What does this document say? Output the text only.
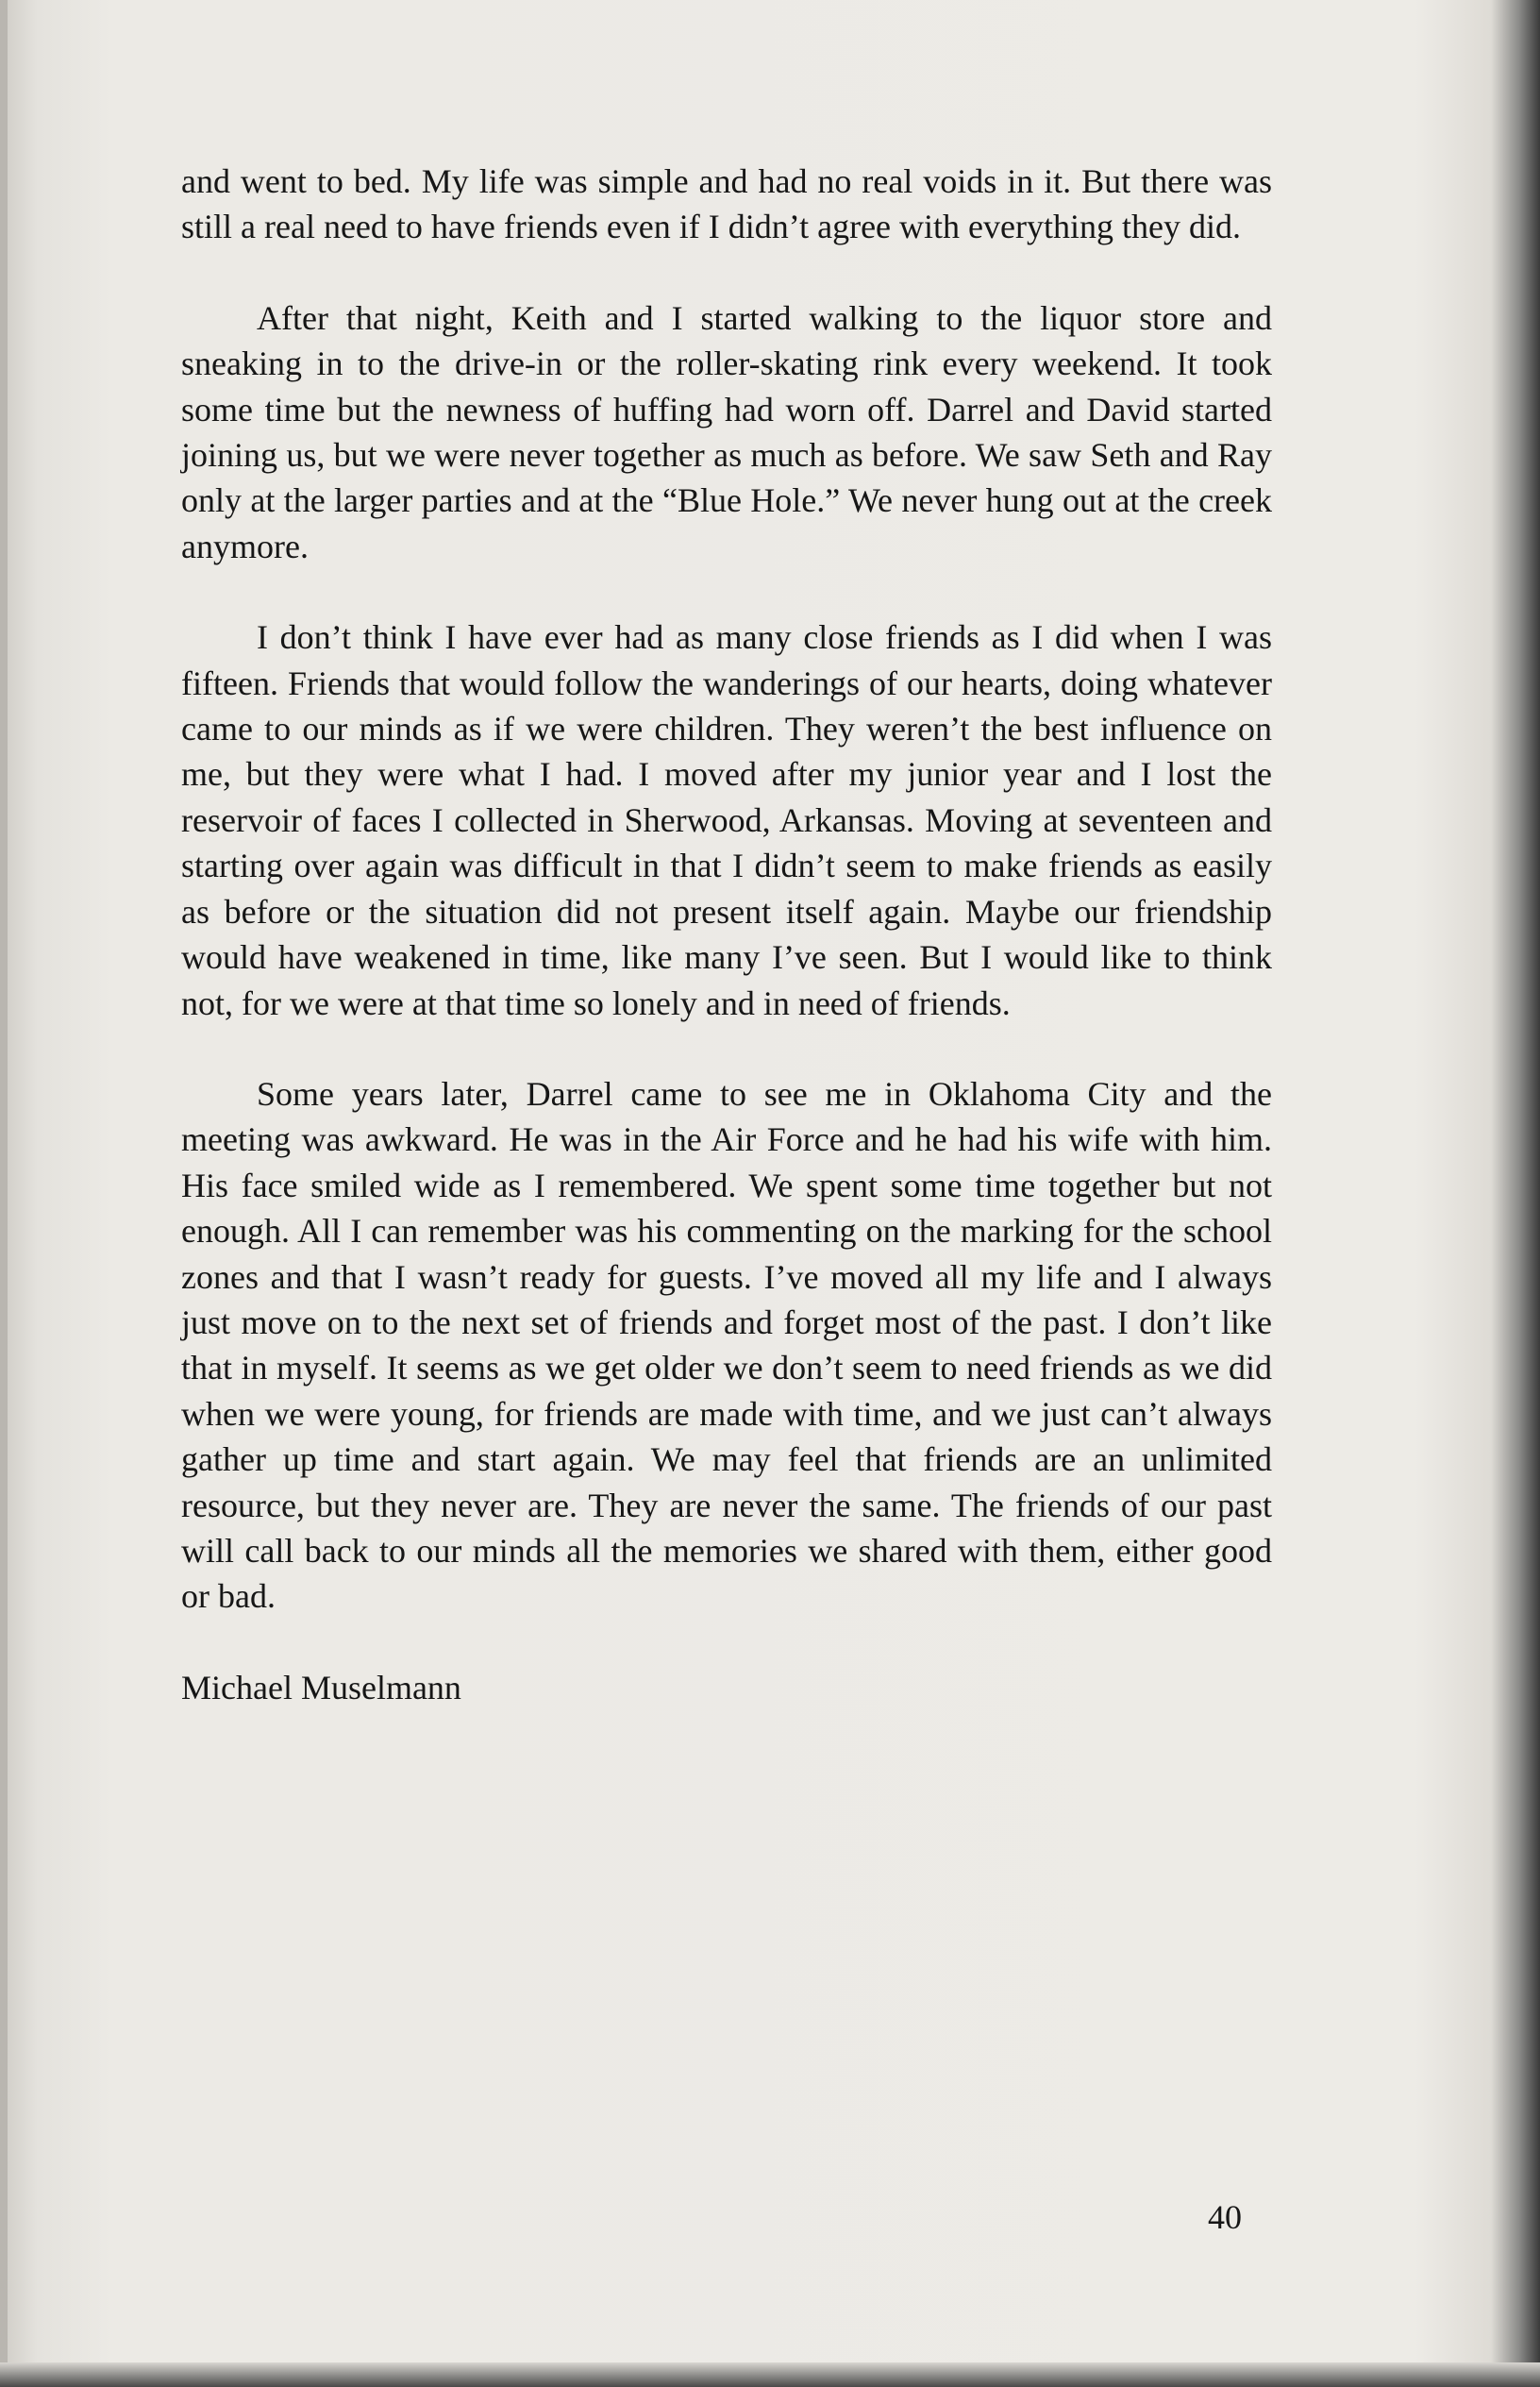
and went to bed. My life was simple and had no real voids in it. But there was still a real need to have friends even if I didn’t agree with everything they did.

After that night, Keith and I started walking to the liquor store and sneaking in to the drive-in or the roller-skating rink every weekend. It took some time but the newness of huffing had worn off. Darrel and David started joining us, but we were never together as much as before. We saw Seth and Ray only at the larger parties and at the “Blue Hole.” We never hung out at the creek anymore.

I don’t think I have ever had as many close friends as I did when I was fifteen. Friends that would follow the wanderings of our hearts, doing whatever came to our minds as if we were children. They weren’t the best influence on me, but they were what I had. I moved after my junior year and I lost the reservoir of faces I collected in Sherwood, Arkansas. Moving at seventeen and starting over again was difficult in that I didn’t seem to make friends as easily as before or the situation did not present itself again. Maybe our friendship would have weakened in time, like many I’ve seen. But I would like to think not, for we were at that time so lonely and in need of friends.

Some years later, Darrel came to see me in Oklahoma City and the meeting was awkward. He was in the Air Force and he had his wife with him. His face smiled wide as I remembered. We spent some time together but not enough. All I can remember was his commenting on the marking for the school zones and that I wasn’t ready for guests. I’ve moved all my life and I always just move on to the next set of friends and forget most of the past. I don’t like that in myself. It seems as we get older we don’t seem to need friends as we did when we were young, for friends are made with time, and we just can’t always gather up time and start again. We may feel that friends are an unlimited resource, but they never are. They are never the same. The friends of our past will call back to our minds all the memories we shared with them, either good or bad.

Michael Muselmann

40
